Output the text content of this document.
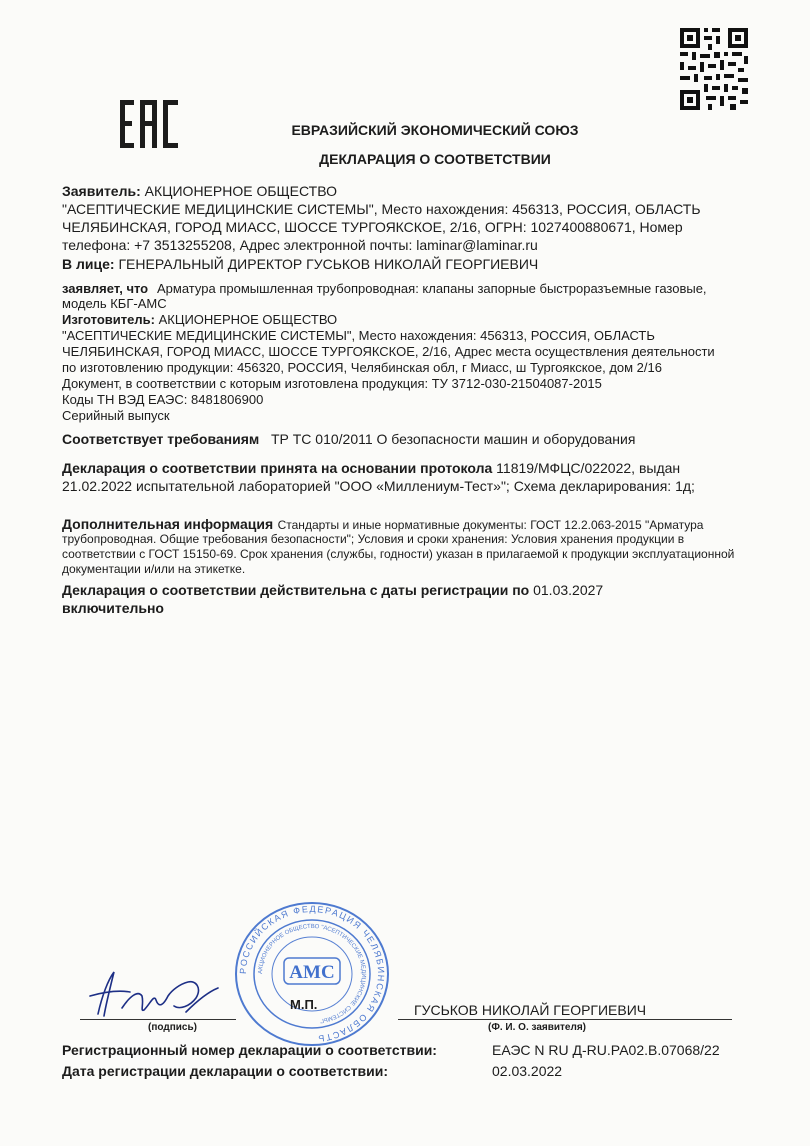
ЕВРАЗИЙСКИЙ ЭКОНОМИЧЕСКИЙ СОЮЗ
ДЕКЛАРАЦИЯ О СООТВЕТСТВИИ
Заявитель: АКЦИОНЕРНОЕ ОБЩЕСТВО
"АСЕПТИЧЕСКИЕ МЕДИЦИНСКИЕ СИСТЕМЫ", Место нахождения: 456313, РОССИЯ, ОБЛАСТЬ
ЧЕЛЯБИНСКАЯ, ГОРОД МИАСС, ШОССЕ ТУРГОЯКСКОЕ, 2/16, ОГРН: 1027400880671, Номер
телефона: +7 3513255208, Адрес электронной почты: laminar@laminar.ru
В лице: ГЕНЕРАЛЬНЫЙ ДИРЕКТОР ГУСЬКОВ НИКОЛАЙ ГЕОРГИЕВИЧ
заявляет, что Арматура промышленная трубопроводная: клапаны запорные быстроразъемные газовые,
модель КБГ-АМС
Изготовитель: АКЦИОНЕРНОЕ ОБЩЕСТВО
"АСЕПТИЧЕСКИЕ МЕДИЦИНСКИЕ СИСТЕМЫ", Место нахождения: 456313, РОССИЯ, ОБЛАСТЬ
ЧЕЛЯБИНСКАЯ, ГОРОД МИАСС, ШОССЕ ТУРГОЯКСКОЕ, 2/16, Адрес места осуществления деятельности
по изготовлению продукции: 456320, РОССИЯ, Челябинская обл, г Миасс, ш Тургоякское, дом 2/16
Документ, в соответствии с которым изготовлена продукция: ТУ 3712-030-21504087-2015
Коды ТН ВЭД ЕАЭС: 8481806900
Серийный выпуск
Соответствует требованиям ТР ТС 010/2011 О безопасности машин и оборудования
Декларация о соответствии принята на основании протокола 11819/МФЦС/022022, выдан
21.02.2022 испытательной лабораторией "ООО «Миллениум-Тест»"; Схема декларирования: 1д;
Дополнительная информация Стандарты и иные нормативные документы: ГОСТ 12.2.063-2015 "Арматура
трубопроводная. Общие требования безопасности"; Условия и сроки хранения: Условия хранения продукции в
соответствии с ГОСТ 15150-69. Срок хранения (службы, годности) указан в прилагаемой к продукции эксплуатационной
документации и/или на этикетке.
Декларация о соответствии действительна с даты регистрации по 01.03.2027
включительно
РОССИЙСКАЯ ФЕДЕРАЦИЯ ЧЕЛЯБИНСКАЯ ОБЛАСТЬ
АКЦИОНЕРНОЕ ОБЩЕСТВО "АСЕПТИЧЕСКИЕ МЕДИЦИНСКИЕ СИСТЕМЫ"
АМС
М.П.	ГУСЬКОВ НИКОЛАЙ ГЕОРГИЕВИЧ
(подпись)	(Ф. И. О. заявителя)
Регистрационный номер декларации о соответствии:	ЕАЭС N RU Д-RU.РА02.В.07068/22
Дата регистрации декларации о соответствии:	02.03.2022
